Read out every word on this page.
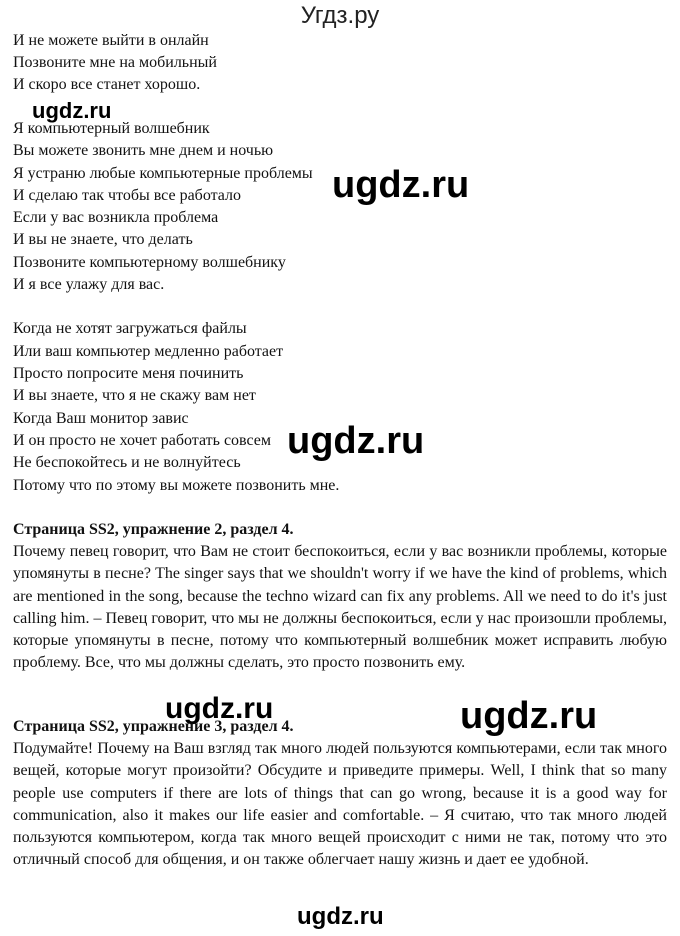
Угдз.ру
И не можете выйти в онлайн
Позвоните мне на мобильный
И скоро все станет хорошо.
ugdz.ru
Я компьютерный волшебник
Вы можете звонить мне днем и ночью
Я устраню любые компьютерные проблемы
И сделаю так чтобы все работало
Если у вас возникла проблема
И вы не знаете, что делать
Позвоните компьютерному волшебнику
И я все улажу для вас.
ugdz.ru
Когда не хотят загружаться файлы
Или ваш компьютер медленно работает
Просто попросите меня починить
И вы знаете, что я не скажу вам нет
Когда Ваш монитор завис
И он просто не хочет работать совсем
Не беспокойтесь и не волнуйтесь
Потому что по этому вы можете позвонить мне.
ugdz.ru
Страница SS2, упражнение 2, раздел 4.

Почему певец говорит, что Вам не стоит беспокоиться, если у вас возникли проблемы, которые упомянуты в песне? The singer says that we shouldn't worry if we have the kind of problems, which are mentioned in the song, because the techno wizard can fix any problems. All we need to do it's just calling him. – Певец говорит, что мы не должны беспокоиться, если у нас произошли проблемы, которые упомянуты в песне, потому что компьютерный волшебник может исправить любую проблему. Все, что мы должны сделать, это просто позвонить ему.

ugdz.ru	ugdz.ru
Страница SS2, упражнение 3, раздел 4.

Подумайте! Почему на Ваш взгляд так много людей пользуются компьютерами, если так много вещей, которые могут произойти? Обсудите и приведите примеры. Well, I think that so many people use computers if there are lots of things that can go wrong, because it is a good way for communication, also it makes our life easier and comfortable. – Я считаю, что так много людей пользуются компьютером, когда так много вещей происходит с ними не так, потому что это отличный способ для общения, и он также облегчает нашу жизнь и дает ее удобной.

ugdz.ru
